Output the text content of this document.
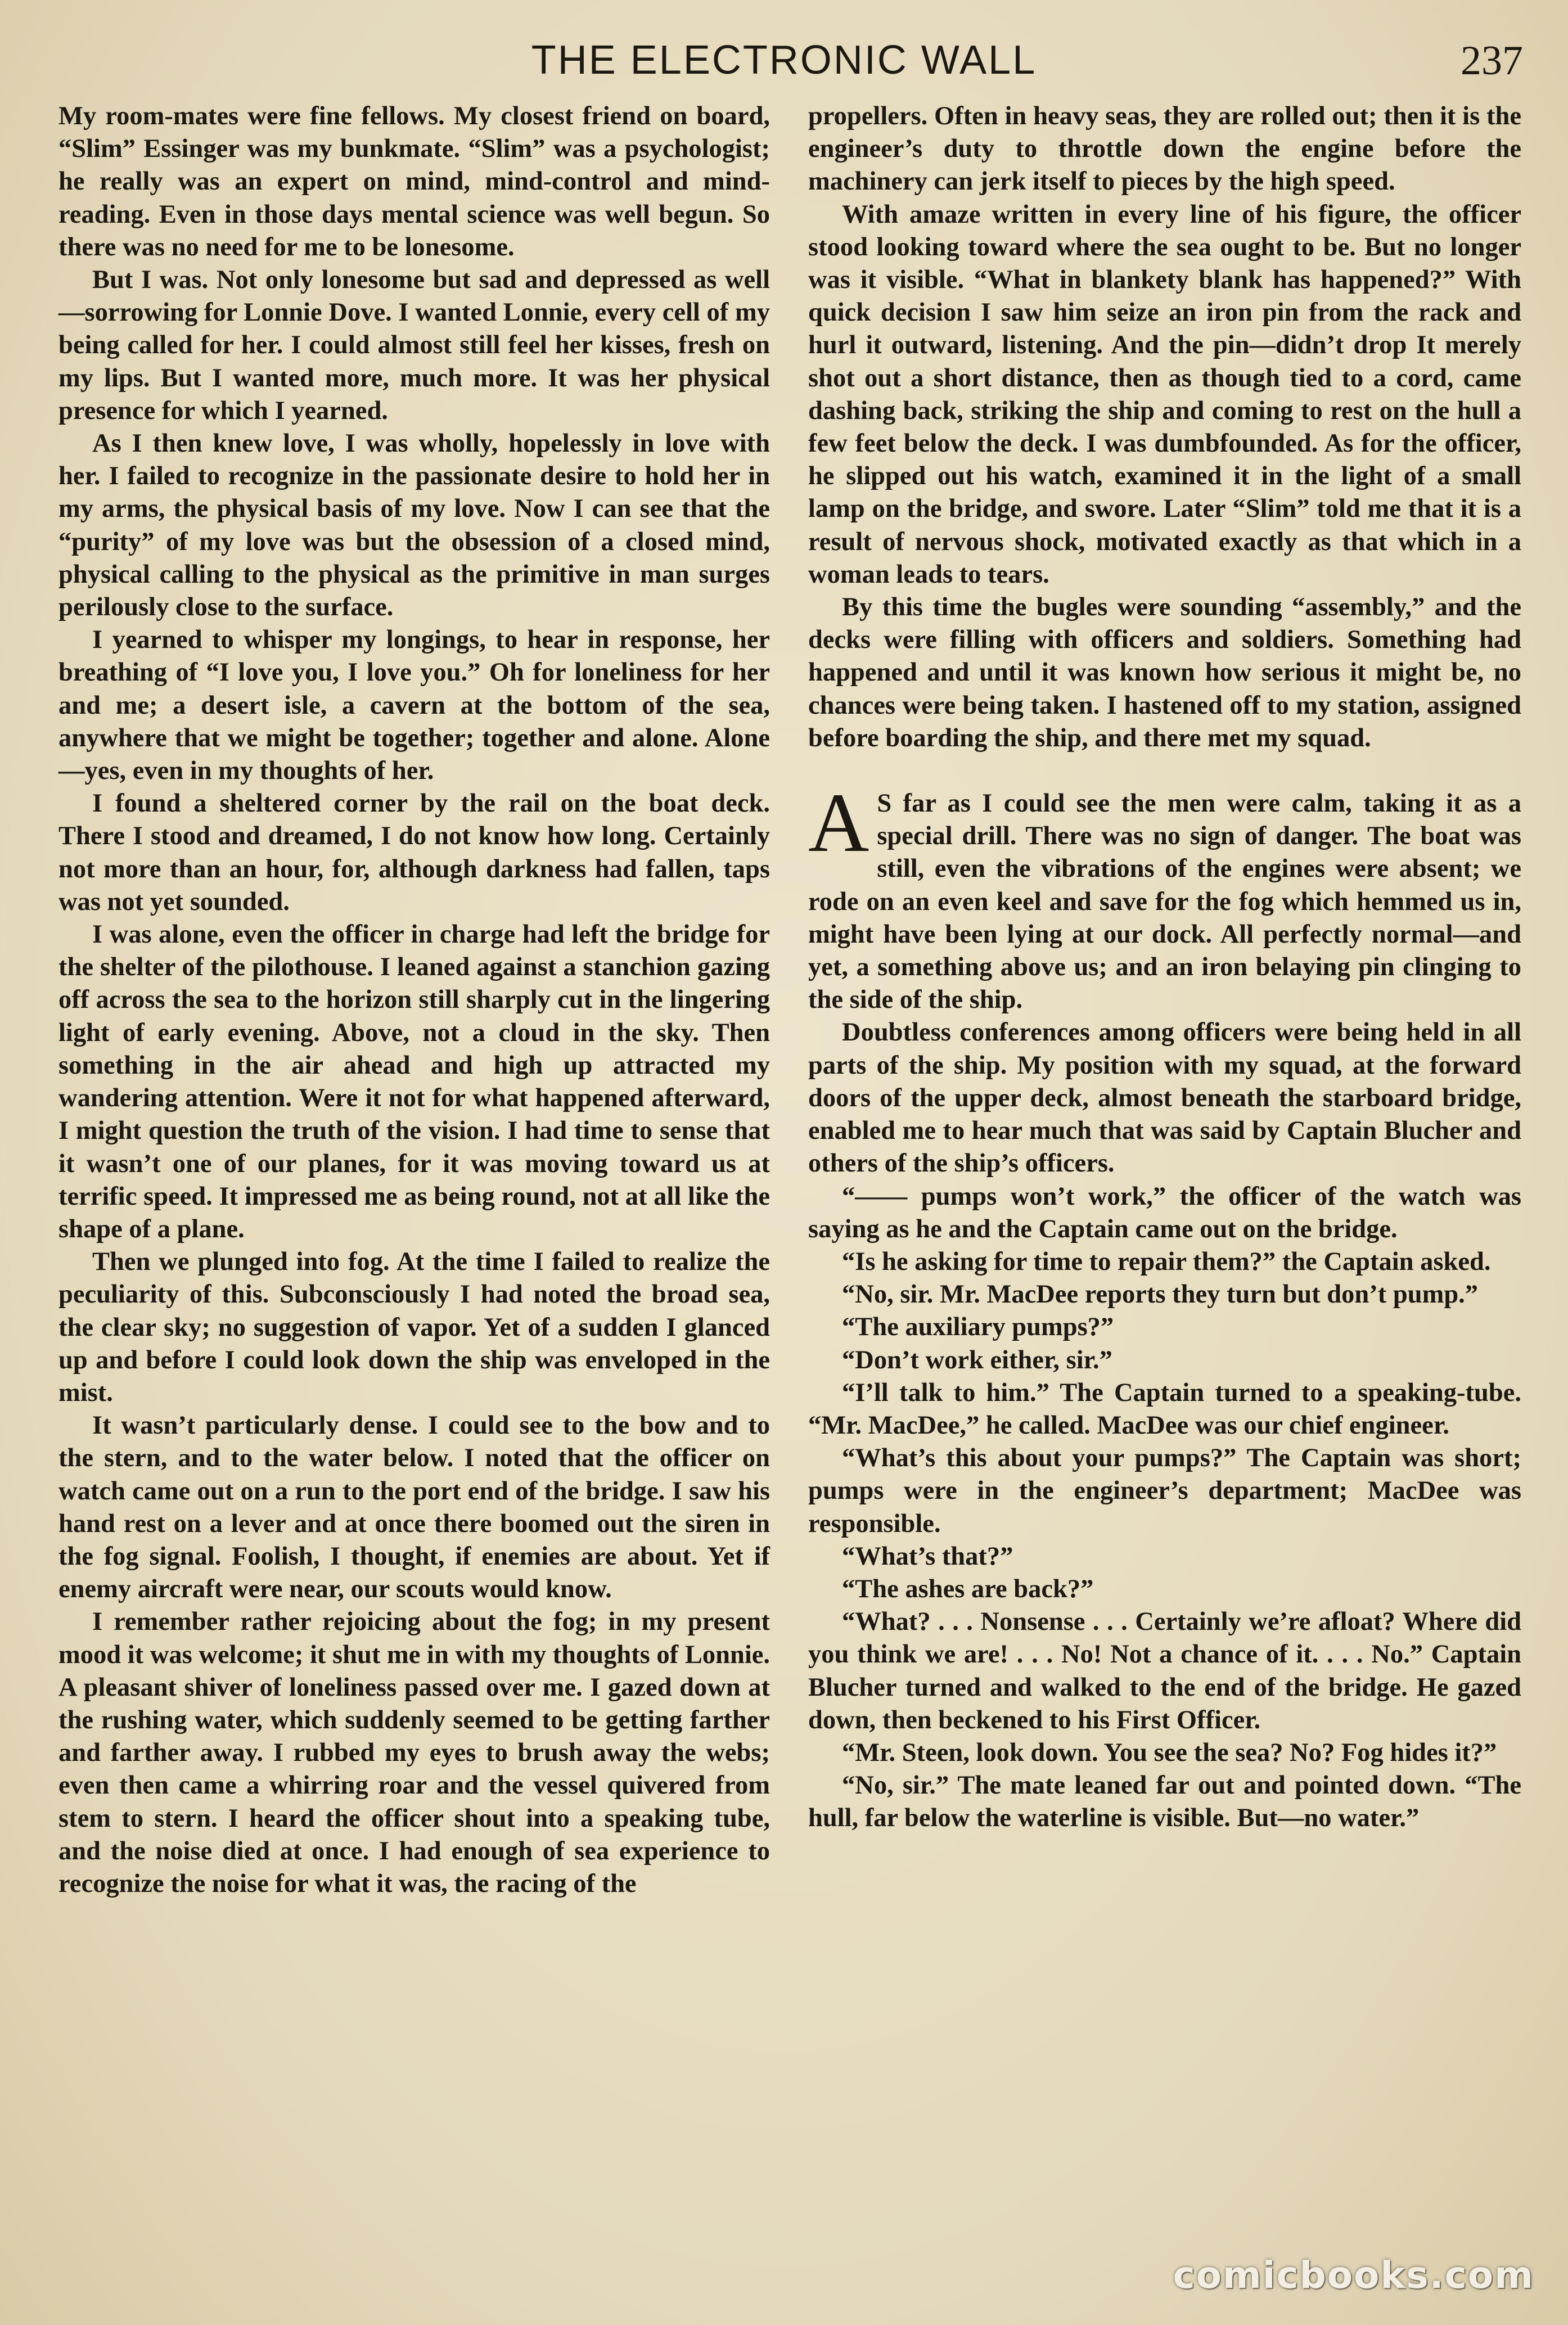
THE ELECTRONIC WALL	237

My room-mates were fine fellows. My closest friend on board, “Slim” Essinger was my bunkmate. “Slim” was a psychologist; he really was an expert on mind, mind-control and mind-reading. Even in those days mental science was well begun. So there was no need for me to be lonesome.

But I was. Not only lonesome but sad and depressed as well—sorrowing for Lonnie Dove. I wanted Lonnie, every cell of my being called for her. I could almost still feel her kisses, fresh on my lips. But I wanted more, much more. It was her physical presence for which I yearned.

As I then knew love, I was wholly, hopelessly in love with her. I failed to recognize in the passionate desire to hold her in my arms, the physical basis of my love. Now I can see that the “purity” of my love was but the obsession of a closed mind, physical calling to the physical as the primitive in man surges perilously close to the surface.

I yearned to whisper my longings, to hear in response, her breathing of “I love you, I love you.” Oh for loneliness for her and me; a desert isle, a cavern at the bottom of the sea, anywhere that we might be together; together and alone. Alone—yes, even in my thoughts of her.

I found a sheltered corner by the rail on the boat deck. There I stood and dreamed, I do not know how long. Certainly not more than an hour, for, although darkness had fallen, taps was not yet sounded.

I was alone, even the officer in charge had left the bridge for the shelter of the pilothouse. I leaned against a stanchion gazing off across the sea to the horizon still sharply cut in the lingering light of early evening. Above, not a cloud in the sky. Then something in the air ahead and high up attracted my wandering attention. Were it not for what happened afterward, I might question the truth of the vision. I had time to sense that it wasn’t one of our planes, for it was moving toward us at terrific speed. It impressed me as being round, not at all like the shape of a plane.

Then we plunged into fog. At the time I failed to realize the peculiarity of this. Subconsciously I had noted the broad sea, the clear sky; no suggestion of vapor. Yet of a sudden I glanced up and before I could look down the ship was enveloped in the mist.

It wasn’t particularly dense. I could see to the bow and to the stern, and to the water below. I noted that the officer on watch came out on a run to the port end of the bridge. I saw his hand rest on a lever and at once there boomed out the siren in the fog signal. Foolish, I thought, if enemies are about. Yet if enemy aircraft were near, our scouts would know.

I remember rather rejoicing about the fog; in my present mood it was welcome; it shut me in with my thoughts of Lonnie. A pleasant shiver of loneliness passed over me. I gazed down at the rushing water, which suddenly seemed to be getting farther and farther away. I rubbed my eyes to brush away the webs; even then came a whirring roar and the vessel quivered from stem to stern. I heard the officer shout into a speaking tube, and the noise died at once. I had enough of sea experience to recognize the noise for what it was, the racing of the

propellers. Often in heavy seas, they are rolled out; then it is the engineer’s duty to throttle down the engine before the machinery can jerk itself to pieces by the high speed.

With amaze written in every line of his figure, the officer stood looking toward where the sea ought to be. But no longer was it visible. “What in blankety blank has happened?” With quick decision I saw him seize an iron pin from the rack and hurl it outward, listening. And the pin—didn’t drop It merely shot out a short distance, then as though tied to a cord, came dashing back, striking the ship and coming to rest on the hull a few feet below the deck. I was dumbfounded. As for the officer, he slipped out his watch, examined it in the light of a small lamp on the bridge, and swore. Later “Slim” told me that it is a result of nervous shock, motivated exactly as that which in a woman leads to tears.

By this time the bugles were sounding “assembly,” and the decks were filling with officers and soldiers. Something had happened and until it was known how serious it might be, no chances were being taken. I hastened off to my station, assigned before boarding the ship, and there met my squad.

A S far as I could see the men were calm, taking it as a special drill. There was no sign of danger. The boat was still, even the vibrations of the engines were absent; we rode on an even keel and save for the fog which hemmed us in, might have been lying at our dock. All perfectly normal—and yet, a something above us; and an iron belaying pin clinging to the side of the ship.

Doubtless conferences among officers were being held in all parts of the ship. My position with my squad, at the forward doors of the upper deck, almost beneath the starboard bridge, enabled me to hear much that was said by Captain Blucher and others of the ship’s officers.

“—— pumps won’t work,” the officer of the watch was saying as he and the Captain came out on the bridge.

“Is he asking for time to repair them?” the Captain asked.

“No, sir. Mr. MacDee reports they turn but don’t pump.”

“The auxiliary pumps?”

“Don’t work either, sir.”

“I’ll talk to him.” The Captain turned to a speaking-tube. “Mr. MacDee,” he called. MacDee was our chief engineer.

“What’s this about your pumps?” The Captain was short; pumps were in the engineer’s department; MacDee was responsible.

“What’s that?”

“The ashes are back?”

“What? . . . Nonsense . . . Certainly we’re afloat? Where did you think we are! . . . No! Not a chance of it. . . . No.” Captain Blucher turned and walked to the end of the bridge. He gazed down, then beckened to his First Officer.

“Mr. Steen, look down. You see the sea? No? Fog hides it?”

“No, sir.” The mate leaned far out and pointed down. “The hull, far below the waterline is visible. But—no water.”

comicbooks.com
